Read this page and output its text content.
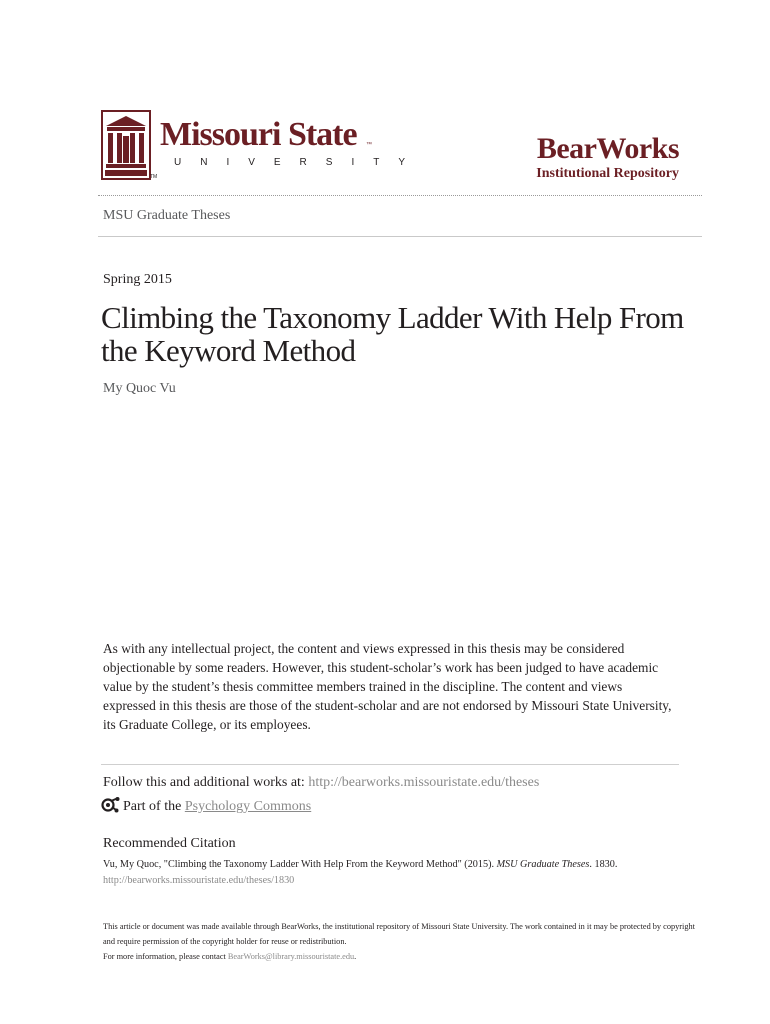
TM
Missouri State ™
UNIVERSITY	BearWorks
Institutional Repository
MSU Graduate Theses
Spring 2015
Climbing the Taxonomy Ladder With Help From the Keyword Method
My Quoc Vu
As with any intellectual project, the content and views expressed in this thesis may be considered objectionable by some readers. However, this student-scholar’s work has been judged to have academic value by the student’s thesis committee members trained in the discipline. The content and views expressed in this thesis are those of the student-scholar and are not endorsed by Missouri State University, its Graduate College, or its employees.
Follow this and additional works at: http://bearworks.missouristate.edu/theses
Part of the Psychology Commons
Recommended Citation
Vu, My Quoc, "Climbing the Taxonomy Ladder With Help From the Keyword Method" (2015). MSU Graduate Theses. 1830.
http://bearworks.missouristate.edu/theses/1830
This article or document was made available through BearWorks, the institutional repository of Missouri State University. The work contained in it may be protected by copyright and require permission of the copyright holder for reuse or redistribution.
For more information, please contact BearWorks@library.missouristate.edu.
